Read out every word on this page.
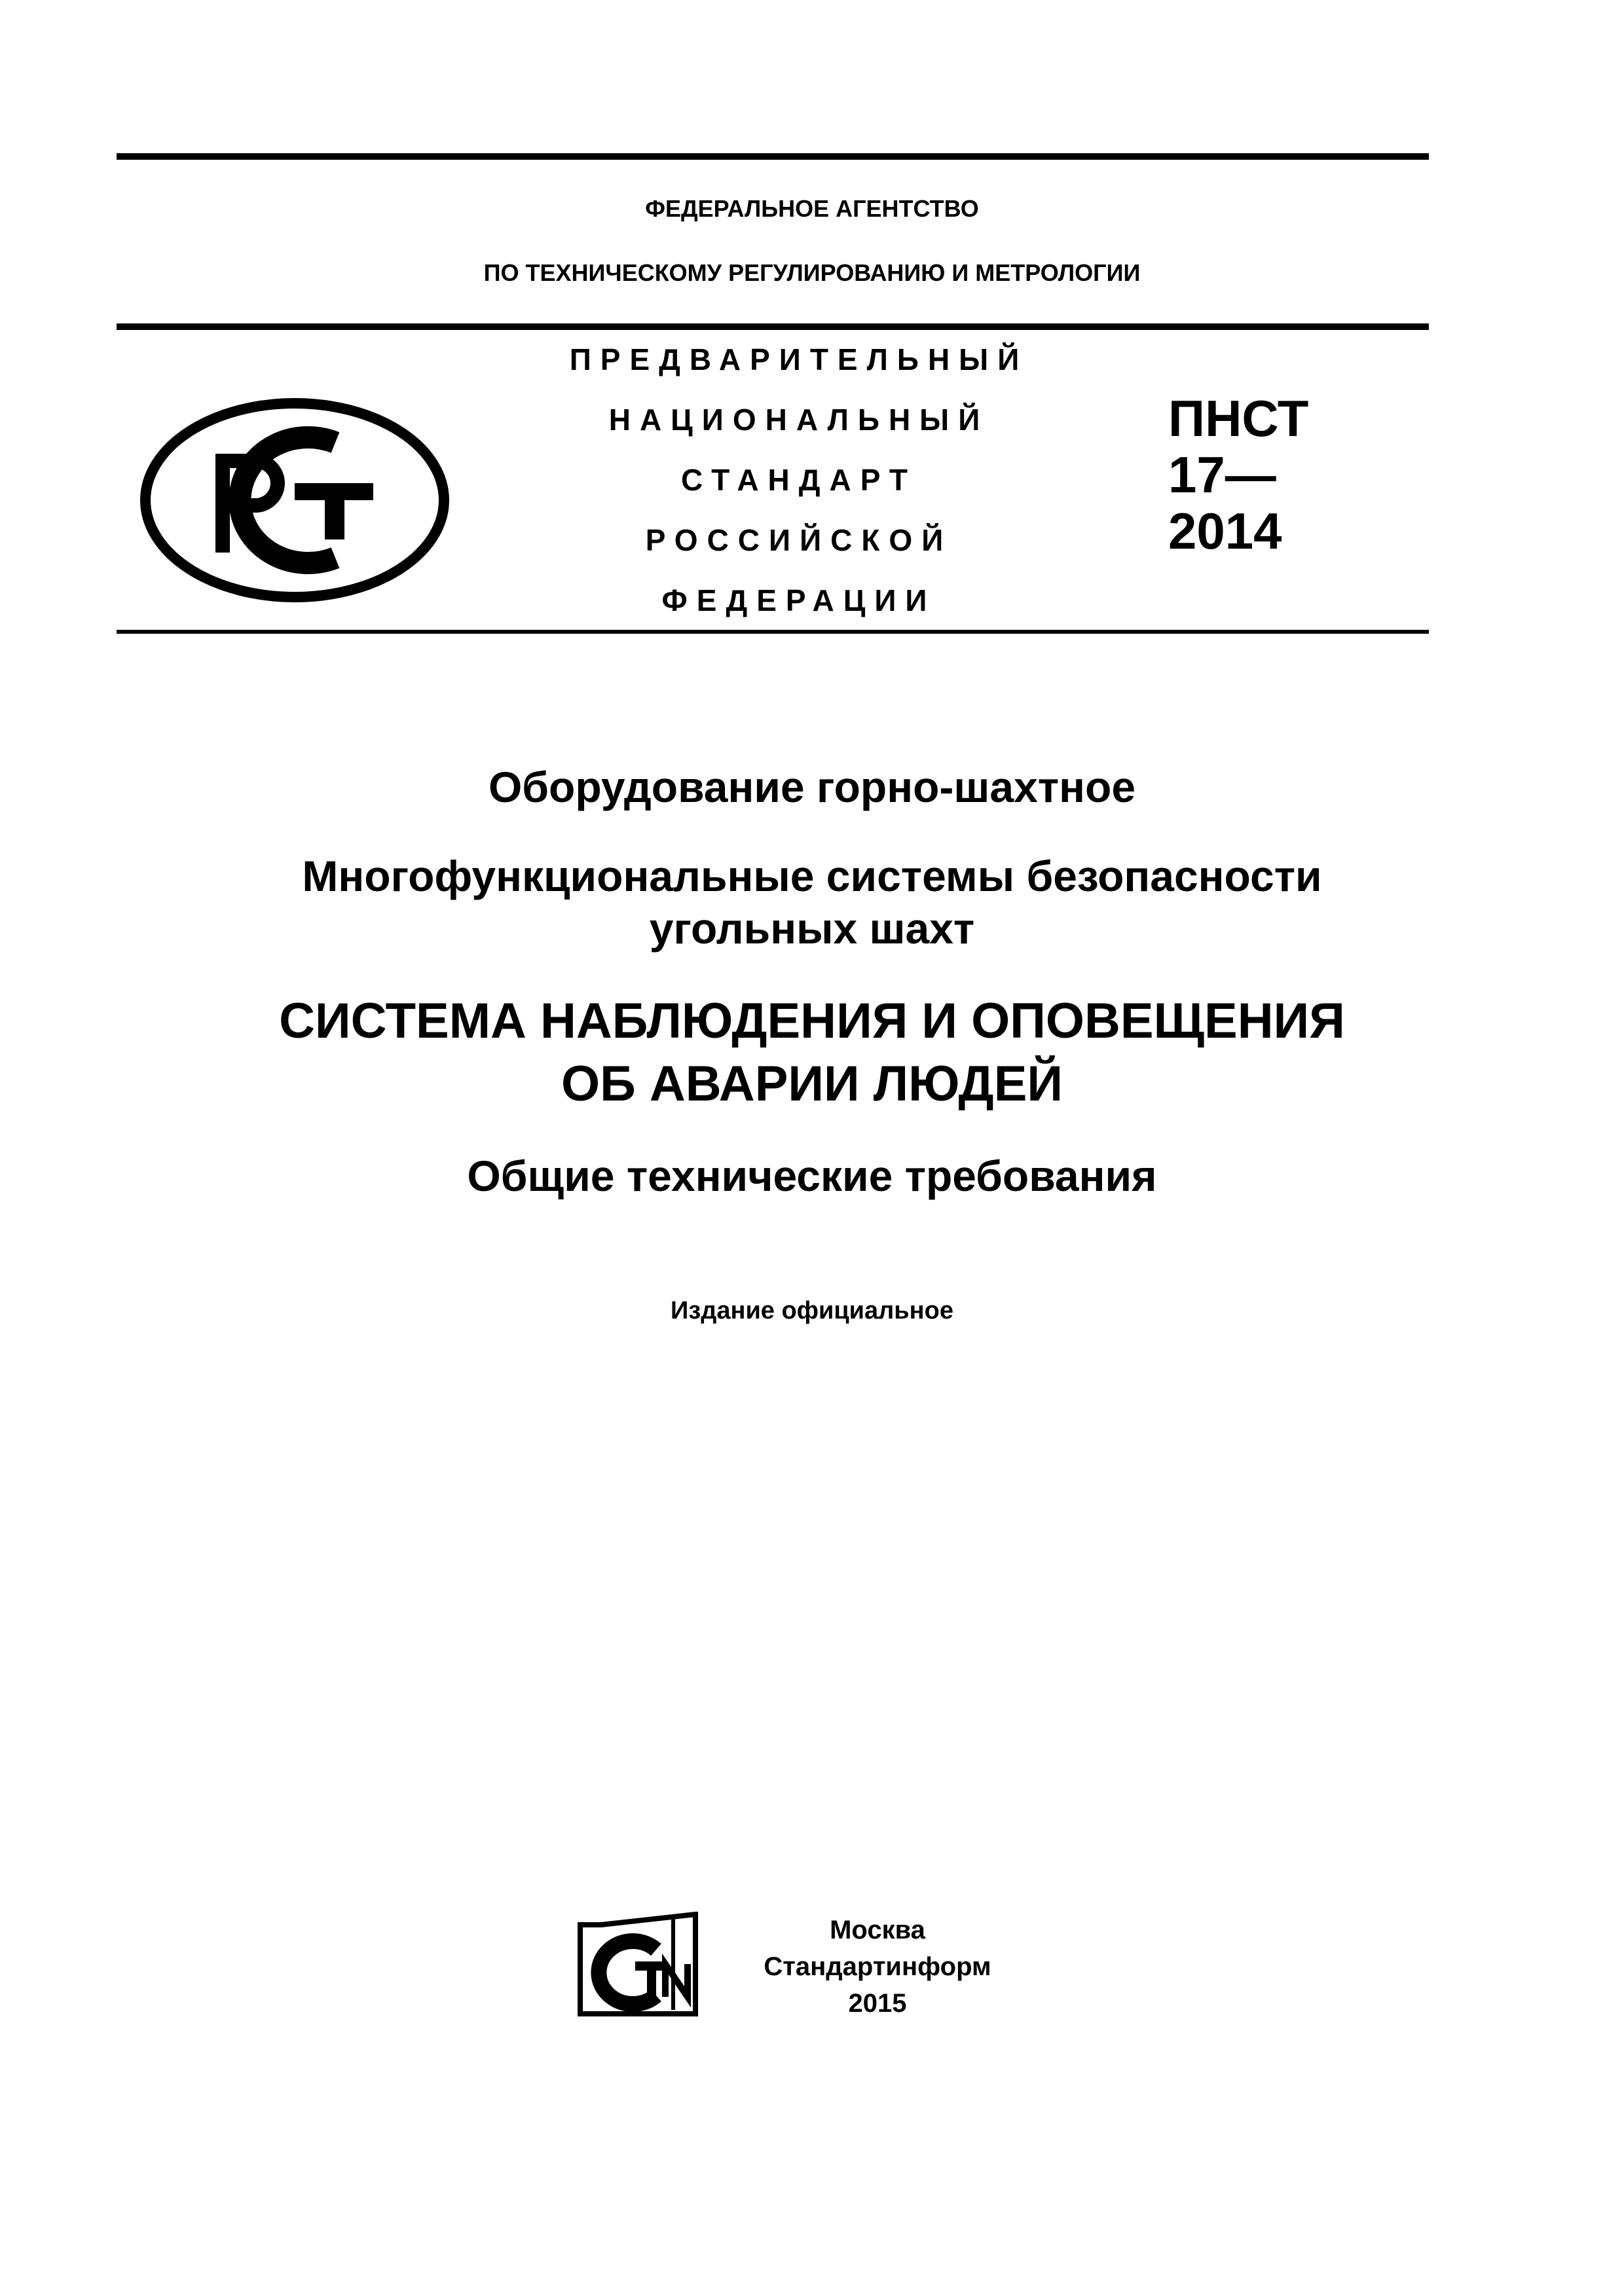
ФЕДЕРАЛЬНОЕ АГЕНТСТВО
ПО ТЕХНИЧЕСКОМУ РЕГУЛИРОВАНИЮ И МЕТРОЛОГИИ
ПРЕДВАРИТЕЛЬНЫЙ
НАЦИОНАЛЬНЫЙ
СТАНДАРТ
РОССИЙСКОЙ
ФЕДЕРАЦИИ
ПНСТ
17—
2014
Оборудование горно-шахтное
Многофункциональные системы безопасности угольных шахт
СИСТЕМА НАБЛЮДЕНИЯ И ОПОВЕЩЕНИЯ ОБ АВАРИИ ЛЮДЕЙ
Общие технические требования
Издание официальное
Москва
Стандартинформ
2015
